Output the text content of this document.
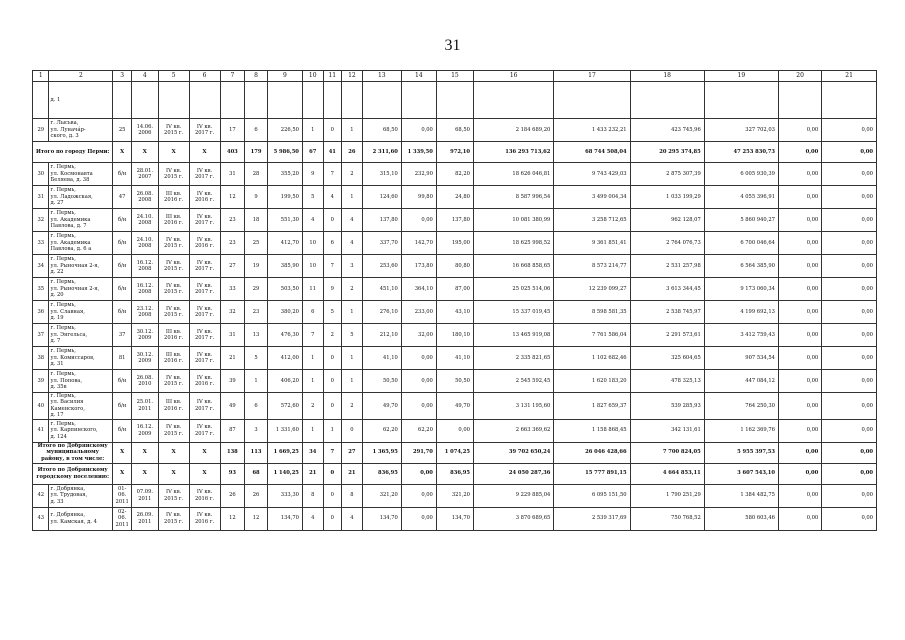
31
1	2	3	4	5	6	7	8	9	10	11	12	13	14	15	16	17	18	19	20	21
	д. 1																			
29	г. Лысьва,
ул. Лунача́р-
ского, д. 3	25	14.06.
2006	IV кв.
2015 г.	IV кв.
2017 г.	17	6	226,50	1	0	1	68,50	0,00	68,50	2 184 689,20	1 433 232,21	423 745,96	327 702,03	0,00	0,00
Итого по городу Перми:		X	X	X	X	403	179	5 986,50	67	41	26	2 311,60	1 339,50	972,10	136 293 713,62	68 744 508,04	20 295 374,85	47 253 830,73	0,00	0,00
30	г. Пермь,
ул. Космонавта
Беляева, д. 38	б/н	28.01.
2007	IV кв.
2015 г.	IV кв.
2017 г.	31	28	355,20	9	7	2	315,10	232,90	82,20	18 626 046,81	9 743 429,03	2 875 307,39	6 005 930,39	0,00	0,00
31	г. Пермь,
ул. Ладожская,
д. 27	47	26.08.
2008	III кв.
2016 г.	IV кв.
2016 г.	12	9	199,50	5	4	1	124,60	99,80	24,80	8 587 996,54	3 499 004,34	1 033 199,29	4 055 396,91	0,00	0,00
32	г. Пермь,
ул. Академика
Павлова, д. 7	б/н	24.10.
2008	III кв.
2016 г.	IV кв.
2017 г.	23	18	551,30	4	0	4	137,80	0,00	137,80	10 081 380,99	3 258 712,65	962 128,07	5 860 940,27	0,00	0,00
33	г. Пермь,
ул. Академика
Павлова, д. 6 а	б/н	24.10.
2008	IV кв.
2015 г.	IV кв.
2016 г.	23	25	412,70	10	6	4	337,70	142,70	195,00	18 625 998,52	9 361 851,41	2 764 076,73	6 700 046,64	0,00	0,00
34	г. Пермь,
ул. Рыночная 2-я,
д. 22	б/н	16.12.
2008	IV кв.
2015 г.	IV кв.
2017 г.	27	19	385,90	10	7	3	253,60	173,80	80,80	16 668 858,65	8 573 214,77	2 531 257,98	6 564 385,90	0,00	0,00
35	г. Пермь,
ул. Рыночная 2-я,
д. 20	б/н	16.12.
2008	IV кв.
2015 г.	IV кв.
2017 г.	33	29	503,50	11	9	2	451,10	364,10	87,00	25 025 514,06	12 239 099,27	3 613 344,45	9 173 060,34	0,00	0,00
36	г. Пермь,
ул. Славная,
д. 19	б/н	23.12.
2008	IV кв.
2015 г.	IV кв.
2017 г.	32	23	380,20	6	5	1	276,10	233,00	43,10	15 337 019,45	8 598 581,35	2 538 745,97	4 199 692,13	0,00	0,00
37	г. Пермь,
ул. Энгельса,
д. 7	37	30.12.
2009	III кв.
2016 г.	IV кв.
2017 г.	31	13	476,30	7	2	5	212,10	32,00	180,10	13 465 919,08	7 761 586,04	2 291 573,61	3 412 759,43	0,00	0,00
38	г. Пермь,
ул. Комиссаров,
д. 31	81	30.12.
2009	III кв.
2016 г.	IV кв.
2017 г.	21	5	412,00	1	0	1	41,10	0,00	41,10	2 335 821,65	1 102 682,46	325 604,65	907 534,54	0,00	0,00
39	г. Пермь,
ул. Попова,
д. 35в	б/н	26.08.
2010	IV кв.
2015 г.	IV кв.
2016 г.	39	1	406,20	1	0	1	50,50	0,00	50,50	2 545 592,45	1 620 183,20	478 325,13	447 084,12	0,00	0,00
40	г. Пермь,
ул. Василия
Каменского,
д. 17	б/н	25.01.
2011	III кв.
2016 г.	IV кв.
2017 г.	49	6	572,60	2	0	2	49,70	0,00	49,70	3 131 195,60	1 827 659,37	539 285,93	764 250,30	0,00	0,00
41	г. Пермь,
ул. Карпинского,
д. 124	б/н	16.12.
2009	IV кв.
2015 г.	IV кв.
2017 г.	87	3	1 331,60	1	1	0	62,20	62,20	0,00	2 663 369,62	1 158 868,45	342 131,61	1 162 369,76	0,00	0,00
Итого по Добрянскому
муниципальному
району, в том числе:		X	X	X	X	138	113	1 669,25	34	7	27	1 365,95	291,70	1 074,25	39 702 650,24	26 046 428,66	7 700 824,05	5 955 397,53	0,00	0,00
Итого по Добрянскому
городскому поселению:		X	X	X	X	93	68	1 140,25	21	0	21	836,95	0,00	836,95	24 050 287,36	15 777 891,15	4 664 853,11	3 607 543,10	0,00	0,00
42	г. Добрянка,
ул. Трудовая,
д. 33	01-
06.
2011	07.09.
2011	IV кв.
2015 г.	IV кв.
2016 г.	26	26	333,30	8	0	8	321,20	0,00	321,20	9 229 885,04	6 095 151,50	1 790 251,29	1 384 482,75	0,00	0,00
43	г. Добрянка,
ул. Камская, д. 4	02-
06.
2011	26.09.
2011	IV кв.
2015 г.	IV кв.
2016 г.	12	12	134,70	4	0	4	134,70	0,00	134,70	3 870 689,65	2 539 317,69	750 768,52	580 603,46	0,00	0,00
